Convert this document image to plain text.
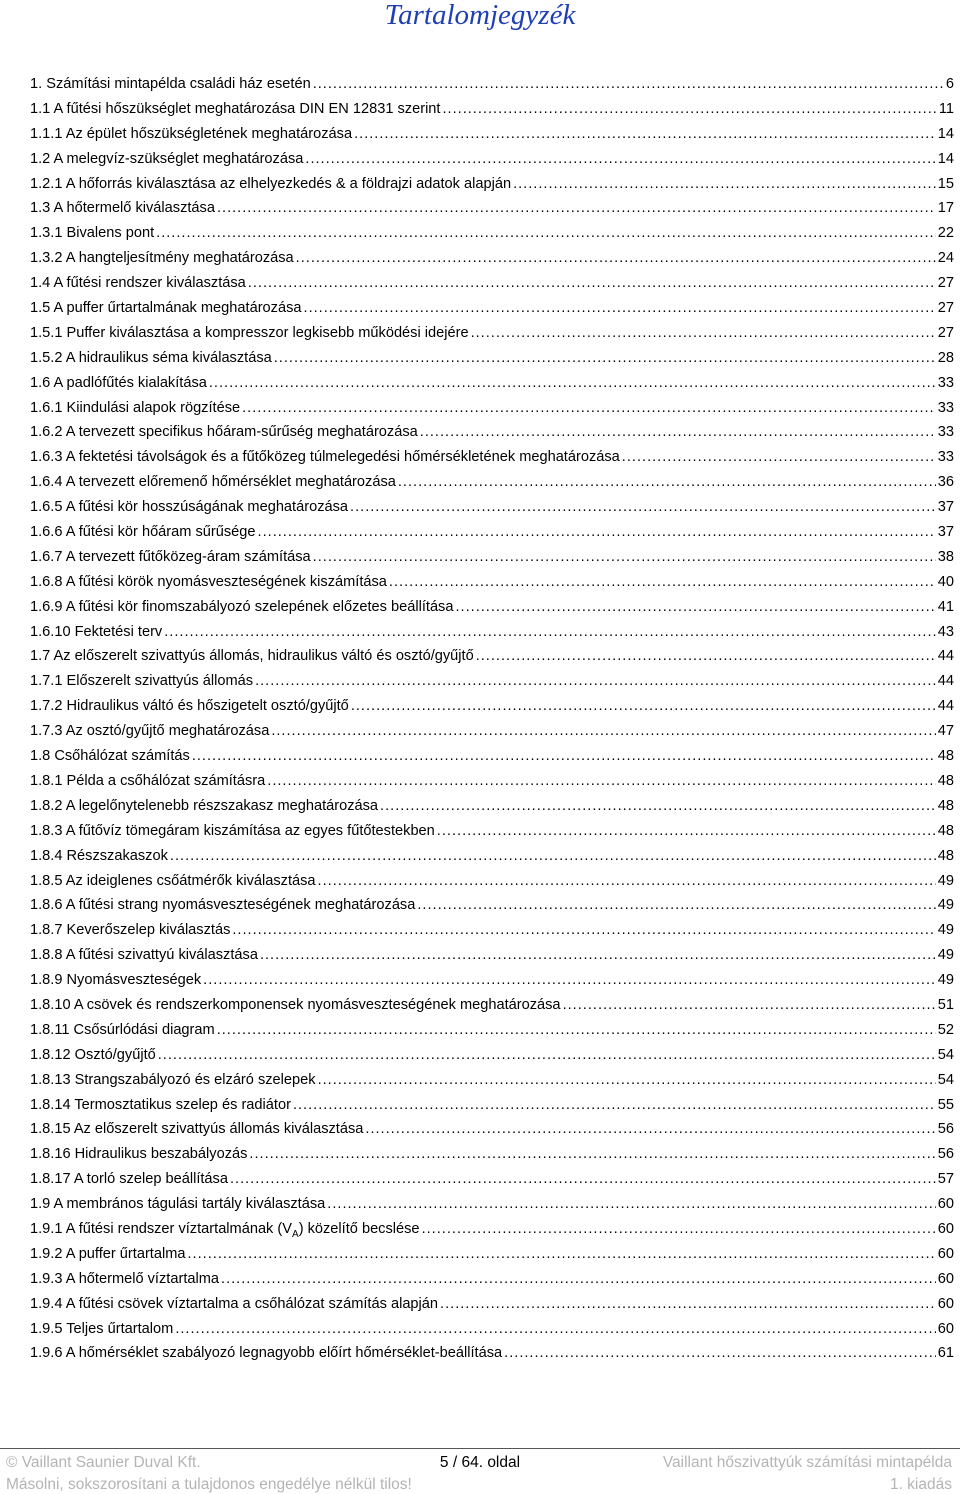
Tartalomjegyzék
1. Számítási mintapélda családi ház esetén .....	6
1.1 A fűtési hőszükséglet meghatározása DIN EN 12831 szerint .....	11
1.1.1 Az épület hőszükségletének meghatározása .....	14
1.2 A melegvíz-szükséglet meghatározása .....	14
1.2.1 A hőforrás kiválasztása az elhelyezkedés & a földrajzi adatok alapján .....	15
1.3 A hőtermelő kiválasztása .....	17
1.3.1 Bivalens pont .....	22
1.3.2 A hangteljesítmény meghatározása .....	24
1.4 A fűtési rendszer kiválasztása .....	27
1.5 A puffer űrtartalmának meghatározása .....	27
1.5.1 Puffer kiválasztása a kompresszor legkisebb működési idejére .....	27
1.5.2 A hidraulikus séma kiválasztása .....	28
1.6 A padlófűtés kialakítása .....	33
1.6.1 Kiindulási alapok rögzítése .....	33
1.6.2 A tervezett specifikus hőáram-sűrűség meghatározása .....	33
1.6.3 A fektetési távolságok és a fűtőközeg túlmelegedési hőmérsékletének meghatározása .....	33
1.6.4 A tervezett előremenő hőmérséklet meghatározása .....	36
1.6.5 A fűtési kör hosszúságának meghatározása .....	37
1.6.6 A fűtési kör hőáram sűrűsége .....	37
1.6.7 A tervezett fűtőközeg-áram számítása .....	38
1.6.8 A fűtési körök nyomásveszteségének kiszámítása .....	40
1.6.9 A fűtési kör finomszabályozó szelepének előzetes beállítása .....	41
1.6.10 Fektetési terv .....	43
1.7 Az előszerelt szivattyús állomás, hidraulikus váltó és osztó/gyűjtő .....	44
1.7.1 Előszerelt szivattyús állomás .....	44
1.7.2 Hidraulikus váltó és hőszigetelt osztó/gyűjtő .....	44
1.7.3 Az osztó/gyűjtő meghatározása .....	47
1.8 Csőhálózat számítás .....	48
1.8.1 Példa a csőhálózat számításra .....	48
1.8.2 A legelőnytelenebb részszakasz meghatározása .....	48
1.8.3 A fűtővíz tömegáram kiszámítása az egyes fűtőtestekben .....	48
1.8.4 Részszakaszok .....	48
1.8.5 Az ideiglenes csőátmérők kiválasztása .....	49
1.8.6 A fűtési strang nyomásveszteségének meghatározása .....	49
1.8.7 Keverőszelep kiválasztás .....	49
1.8.8 A fűtési szivattyú kiválasztása .....	49
1.8.9 Nyomásveszteségek .....	49
1.8.10 A csövek és rendszerkomponensek nyomásveszteségének meghatározása .....	51
1.8.11 Csősúrlódási diagram .....	52
1.8.12 Osztó/gyűjtő .....	54
1.8.13 Strangszabályozó és elzáró szelepek .....	54
1.8.14 Termosztatikus szelep és radiátor .....	55
1.8.15 Az előszerelt szivattyús állomás kiválasztása .....	56
1.8.16 Hidraulikus beszabályozás .....	56
1.8.17 A torló szelep beállítása .....	57
1.9 A membrános tágulási tartály kiválasztása .....	60
1.9.1 A fűtési rendszer víztartalmának $(V_A)$ közelítő becslése .....	60
1.9.2 A puffer űrtartalma .....	60
1.9.3 A hőtermelő víztartalma .....	60
1.9.4 A fűtési csövek víztartalma a csőhálózat számítás alapján .....	60
1.9.5 Teljes űrtartalom .....	60
1.9.6 A hőmérséklet szabályozó legnagyobb előírt hőmérséklet-beállítása .....	61
© Vaillant Saunier Duval Kft.	5 / 64. oldal	Vaillant hőszivattyúk számítási mintapélda
Másolni, sokszorosítani a tulajdonos engedélye nélkül tilos!	1. kiadás
